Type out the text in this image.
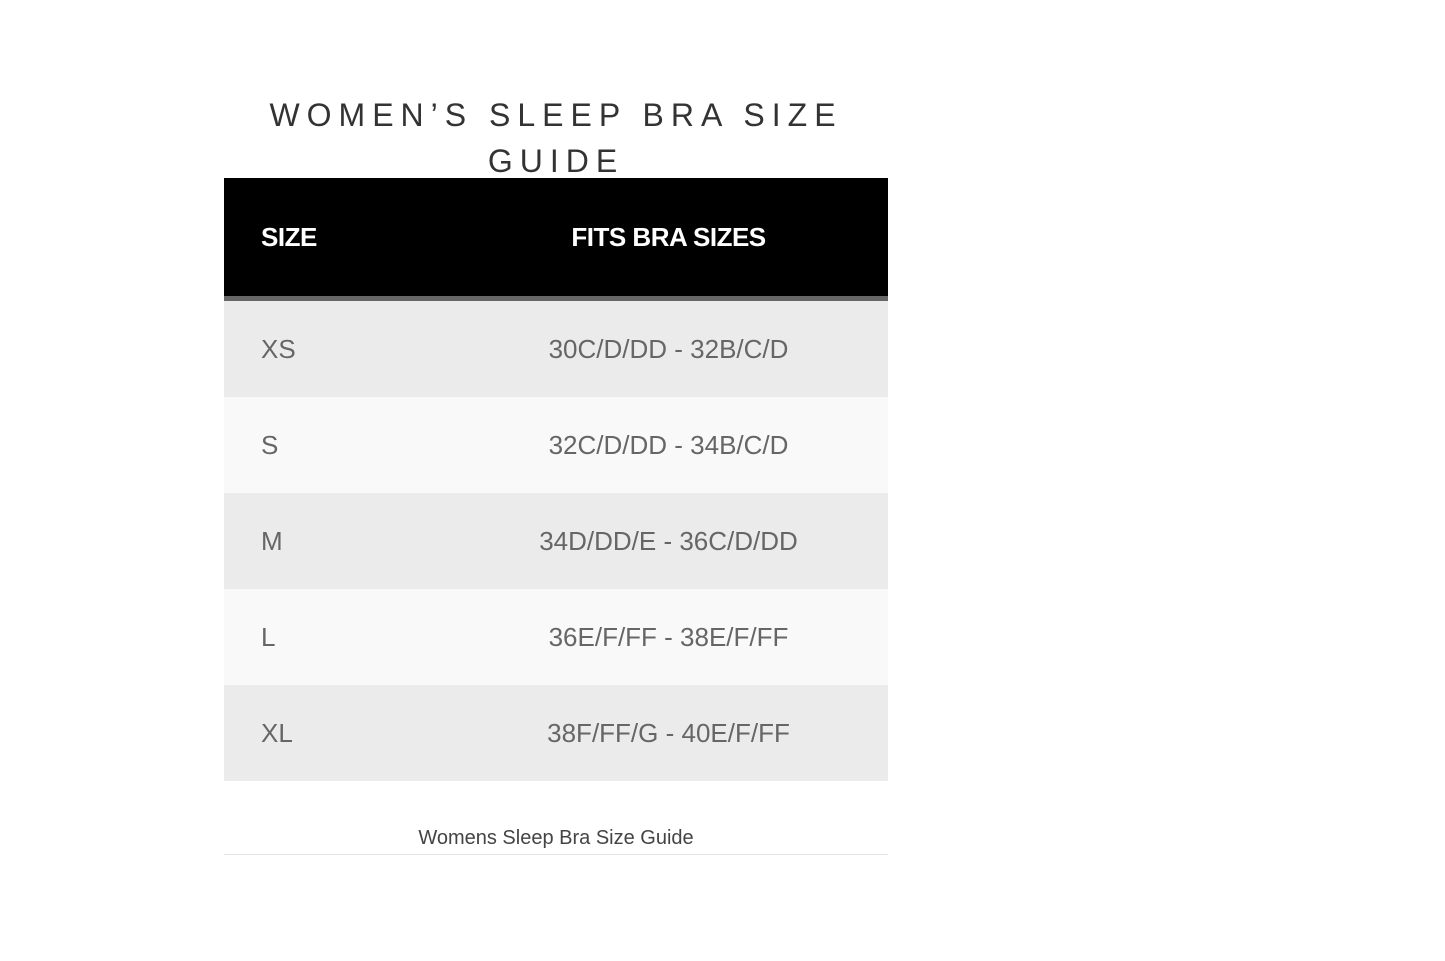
WOMEN’S SLEEP BRA SIZE GUIDE
SIZE	FITS BRA SIZES
XS	30C/D/DD - 32B/C/D
S	32C/D/DD - 34B/C/D
M	34D/DD/E - 36C/D/DD
L	36E/F/FF - 38E/F/FF
XL	38F/FF/G - 40E/F/FF
Womens Sleep Bra Size Guide
